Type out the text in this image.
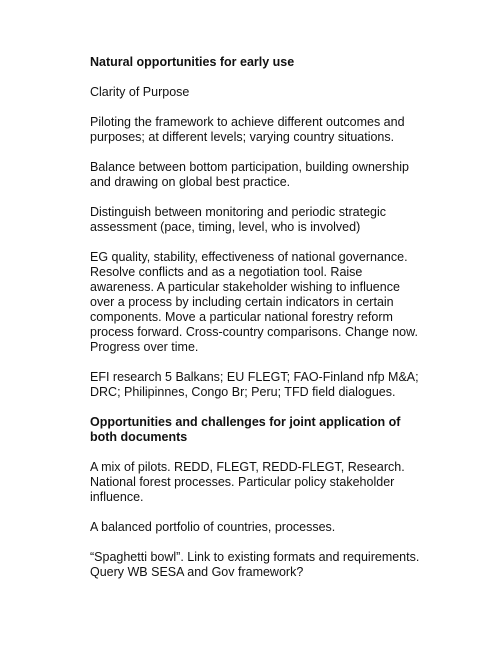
Natural opportunities for early use
Clarity of Purpose
Piloting the framework to achieve different outcomes and purposes; at different levels; varying country situations.
Balance between bottom participation, building ownership and drawing on global best practice.
Distinguish between monitoring and periodic strategic assessment (pace, timing, level, who is involved)
EG quality, stability, effectiveness of national governance. Resolve conflicts and as a negotiation tool. Raise awareness. A particular stakeholder wishing to influence over a process by including certain indicators in certain components. Move a particular national forestry reform process forward. Cross-country comparisons. Change now. Progress over time.
EFI research 5 Balkans; EU FLEGT; FAO-Finland nfp M&A; DRC; Philipinnes, Congo Br; Peru; TFD field dialogues.
Opportunities and challenges for joint application of both documents
A mix of pilots. REDD, FLEGT, REDD-FLEGT, Research. National forest processes. Particular policy stakeholder influence.
A balanced portfolio of countries, processes.
“Spaghetti bowl”. Link to existing formats and requirements. Query WB SESA and Gov framework?
